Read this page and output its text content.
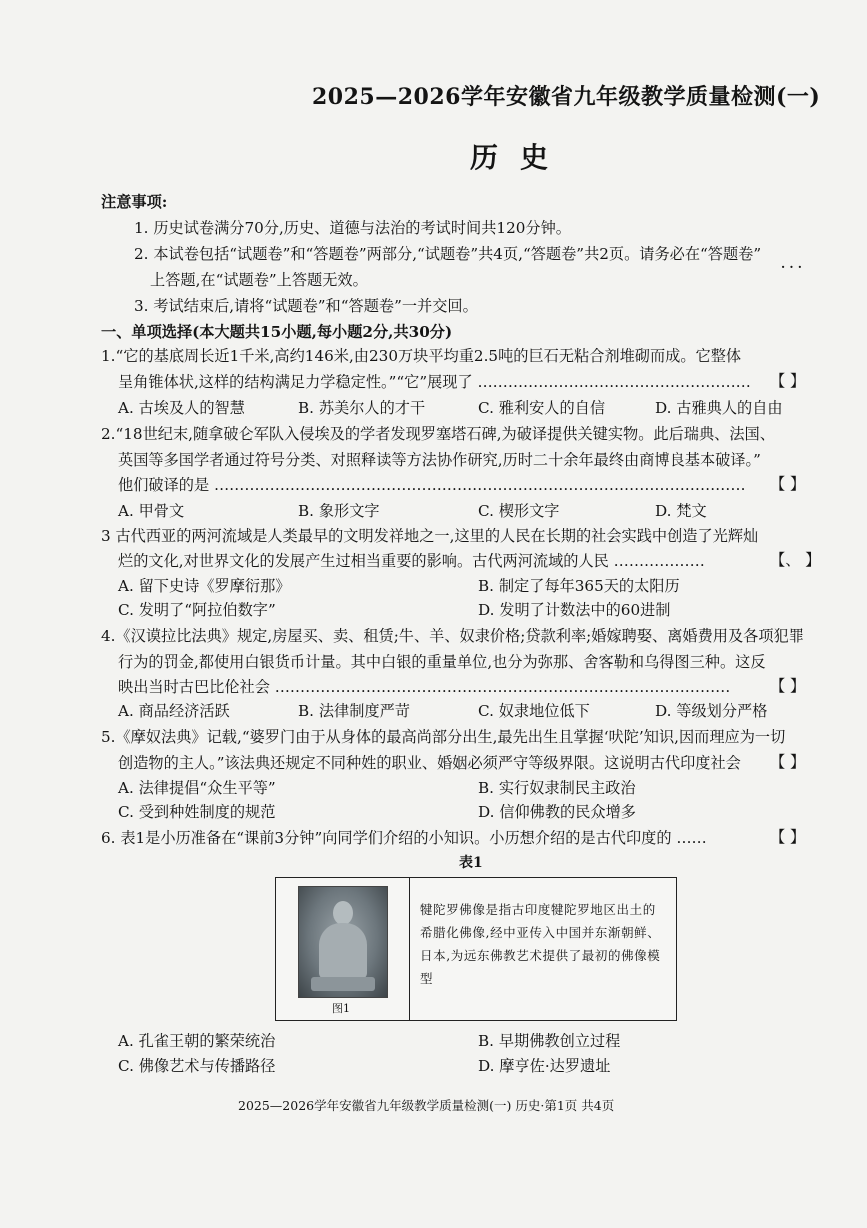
2025—2026学年安徽省九年级教学质量检测(一)
历史
注意事项:
1. 历史试卷满分70分,历史、道德与法治的考试时间共120分钟。
2. 本试卷包括“试题卷”和“答题卷”两部分,“试题卷”共4页,“答题卷”共2页。请务必在“答题卷”
· · ·
上答题,在“试题卷”上答题无效。
3. 考试结束后,请将“试题卷”和“答题卷”一并交回。
一、单项选择(本大题共15小题,每小题2分,共30分)
1.“它的基底周长近1千米,高约146米,由230万块平均重2.5吨的巨石无粘合剂堆砌而成。它整体
呈角锥体状,这样的结构满足力学稳定性。”“它”展现了 ……………………………………………… 【 】
A. 古埃及人的智慧	B. 苏美尔人的才干	C. 雅利安人的自信	D. 古雅典人的自由
2.“18世纪末,随拿破仑军队入侵埃及的学者发现罗塞塔石碑,为破译提供关键实物。此后瑞典、法国、
英国等多国学者通过符号分类、对照释读等方法协作研究,历时二十余年最终由商博良基本破译。”
他们破译的是 …………………………………………………………………………………………… 【 】
A. 甲骨文	B. 象形文字	C. 楔形文字	D. 梵文
3 古代西亚的两河流域是人类最早的文明发祥地之一,这里的人民在长期的社会实践中创造了光辉灿
烂的文化,对世界文化的发展产生过相当重要的影响。古代两河流域的人民 ………………	【、 】
A. 留下史诗《罗摩衍那》	B. 制定了每年365天的太阳历
C. 发明了“阿拉伯数字”	D. 发明了计数法中的60进制
4.《汉谟拉比法典》规定,房屋买、卖、租赁;牛、羊、奴隶价格;贷款利率;婚嫁聘娶、离婚费用及各项犯罪
行为的罚金,都使用白银货币计量。其中白银的重量单位,也分为弥那、舍客勒和乌得图三种。这反
映出当时古巴比伦社会 ………………………………………………………………………………	【 】
A. 商品经济活跃	B. 法律制度严苛	C. 奴隶地位低下	D. 等级划分严格
5.《摩奴法典》记载,“婆罗门由于从身体的最高尚部分出生,最先出生且掌握‘吠陀’知识,因而理应为一切
创造物的主人。”该法典还规定不同种姓的职业、婚姻必须严守等级界限。这说明古代印度社会 【 】
A. 法律提倡“众生平等”	B. 实行奴隶制民主政治
C. 受到种姓制度的规范	D. 信仰佛教的民众增多
6. 表1是小历准备在“课前3分钟”向同学们介绍的小知识。小历想介绍的是古代印度的 ……	【 】
表1
图1
犍陀罗佛像是指古印度犍陀罗地区出土的希腊化佛像,经中亚传入中国并东渐朝鲜、日本,为远东佛教艺术提供了最初的佛像模型
A. 孔雀王朝的繁荣统治	B. 早期佛教创立过程
C. 佛像艺术与传播路径	D. 摩亨佐·达罗遗址
2025—2026学年安徽省九年级教学质量检测(一) 历史·第1页 共4页
